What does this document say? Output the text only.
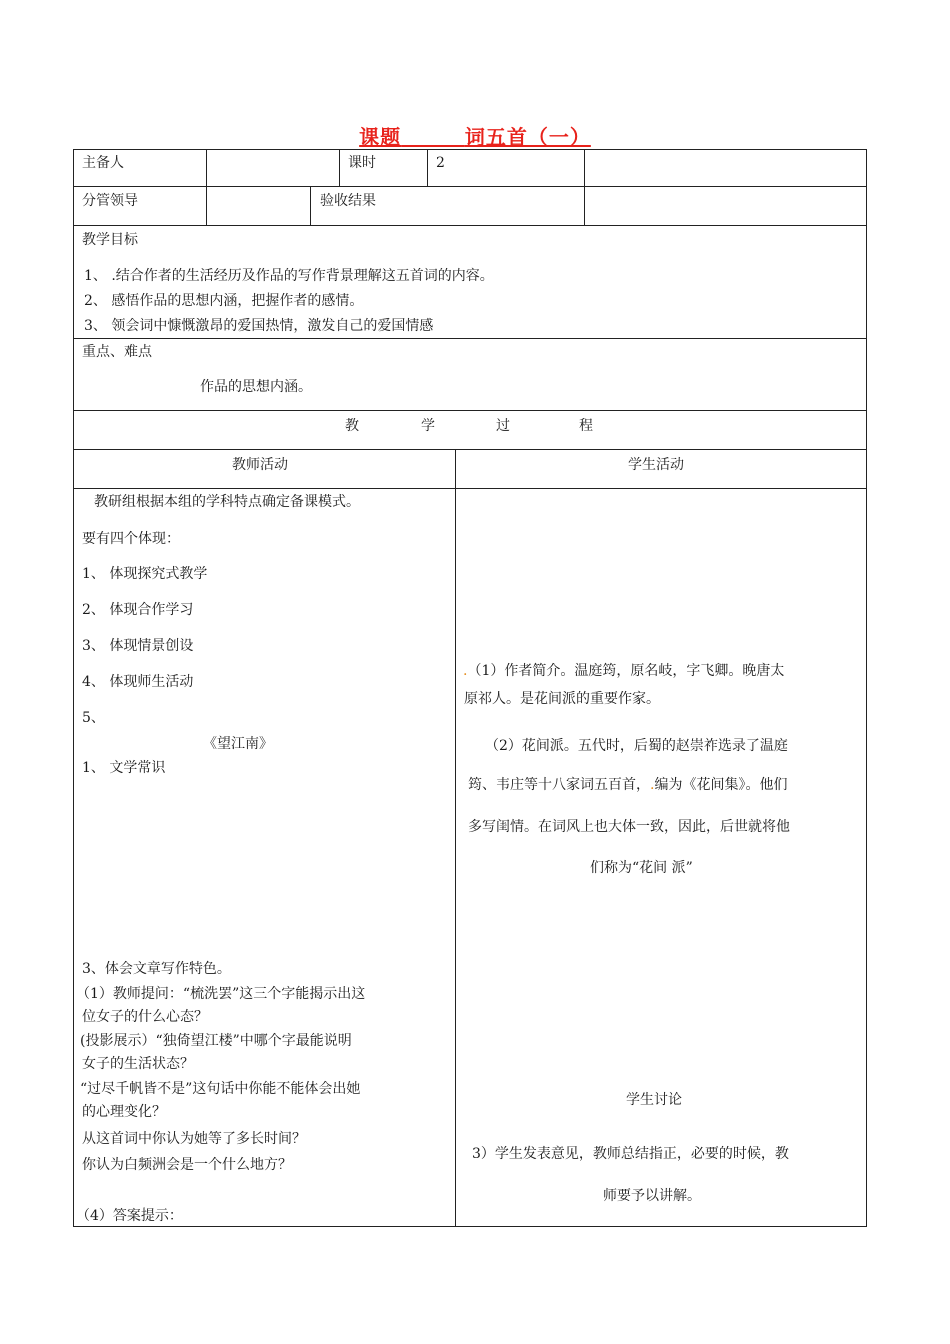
课题	词五首（一）
主备人	课时	2
分管领导	验收结果
教学目标
1、 .结合作者的生活经历及作品的写作背景理解这五首词的内容。
2、 感悟作品的思想内涵，把握作者的感情。
3、 领会词中慷慨激昂的爱国热情，激发自己的爱国情感
重点、难点
作品的思想内涵。
教	学	过	程
教师活动	学生活动
教研组根据本组的学科特点确定备课模式。
要有四个体现：
1、 体现探究式教学
2、 体现合作学习
3、 体现情景创设
4、 体现师生活动
5、
《望江南》
1、 文学常识
3、体会文章写作特色。
（1）教师提问：“梳洗罢”这三个字能揭示出这
位女子的什么心态？
(投影展示）“独倚望江楼”中哪个字最能说明
女子的生活状态？
“过尽千帆皆不是”这句话中你能不能体会出她
的心理变化？
从这首词中你认为她等了多长时间？
你认为白频洲会是一个什么地方？
（4）答案提示：
.（1）作者简介。温庭筠，原名岐，字飞卿。晚唐太
原祁人。是花间派的重要作家。
（2）花间派。五代时，后蜀的赵崇祚选录了温庭
筠、韦庄等十八家词五百首，.编为《花间集》。他们
多写闺情。在词风上也大体一致，因此，后世就将他
们称为“花间 派”
学生讨论
3）学生发表意见，教师总结指正，必要的时候，教
师要予以讲解。
